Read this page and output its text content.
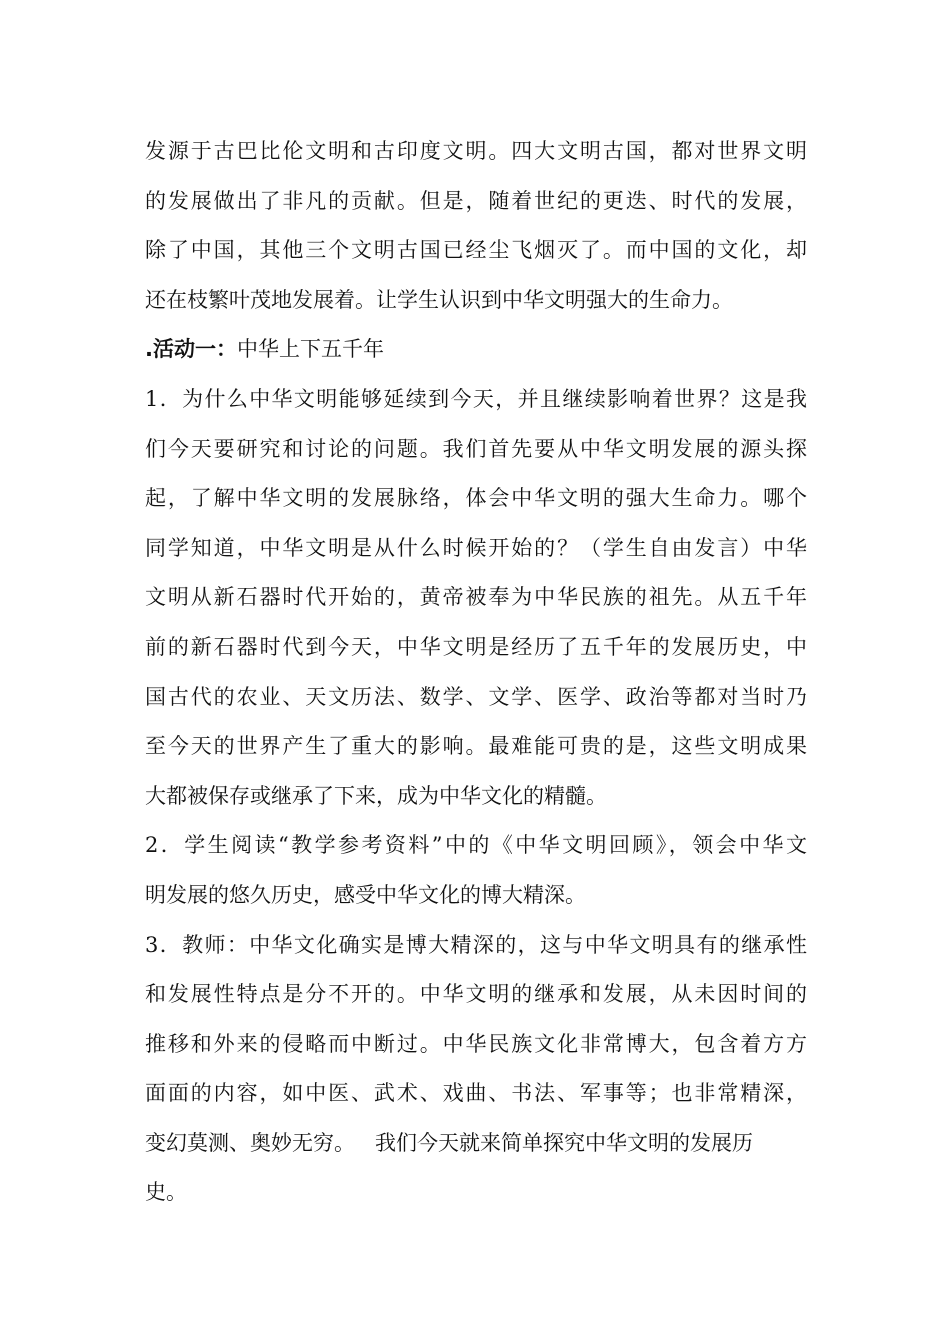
发源于古巴比伦文明和古印度文明。四大文明古国，都对世界文明
的发展做出了非凡的贡献。但是，随着世纪的更迭、时代的发展，
除了中国，其他三个文明古国已经尘飞烟灭了。而中国的文化，却
还在枝繁叶茂地发展着。让学生认识到中华文明强大的生命力。
.活动一：中华上下五千年
1．为什么中华文明能够延续到今天，并且继续影响着世界？这是我
们今天要研究和讨论的问题。我们首先要从中华文明发展的源头探
起，了解中华文明的发展脉络，体会中华文明的强大生命力。哪个
同学知道，中华文明是从什么时候开始的？（学生自由发言）中华
文明从新石器时代开始的，黄帝被奉为中华民族的祖先。从五千年
前的新石器时代到今天，中华文明是经历了五千年的发展历史，中
国古代的农业、天文历法、数学、文学、医学、政治等都对当时乃
至今天的世界产生了重大的影响。最难能可贵的是，这些文明成果
大都被保存或继承了下来，成为中华文化的精髓。
2．学生阅读“教学参考资料”中的《中华文明回顾》，领会中华文
明发展的悠久历史，感受中华文化的博大精深。
3．教师：中华文化确实是博大精深的，这与中华文明具有的继承性
和发展性特点是分不开的。中华文明的继承和发展，从未因时间的
推移和外来的侵略而中断过。中华民族文化非常博大，包含着方方
面面的内容，如中医、武术、戏曲、书法、军事等；也非常精深，
变幻莫测、奥妙无穷。   我们今天就来简单探究中华文明的发展历
史。
